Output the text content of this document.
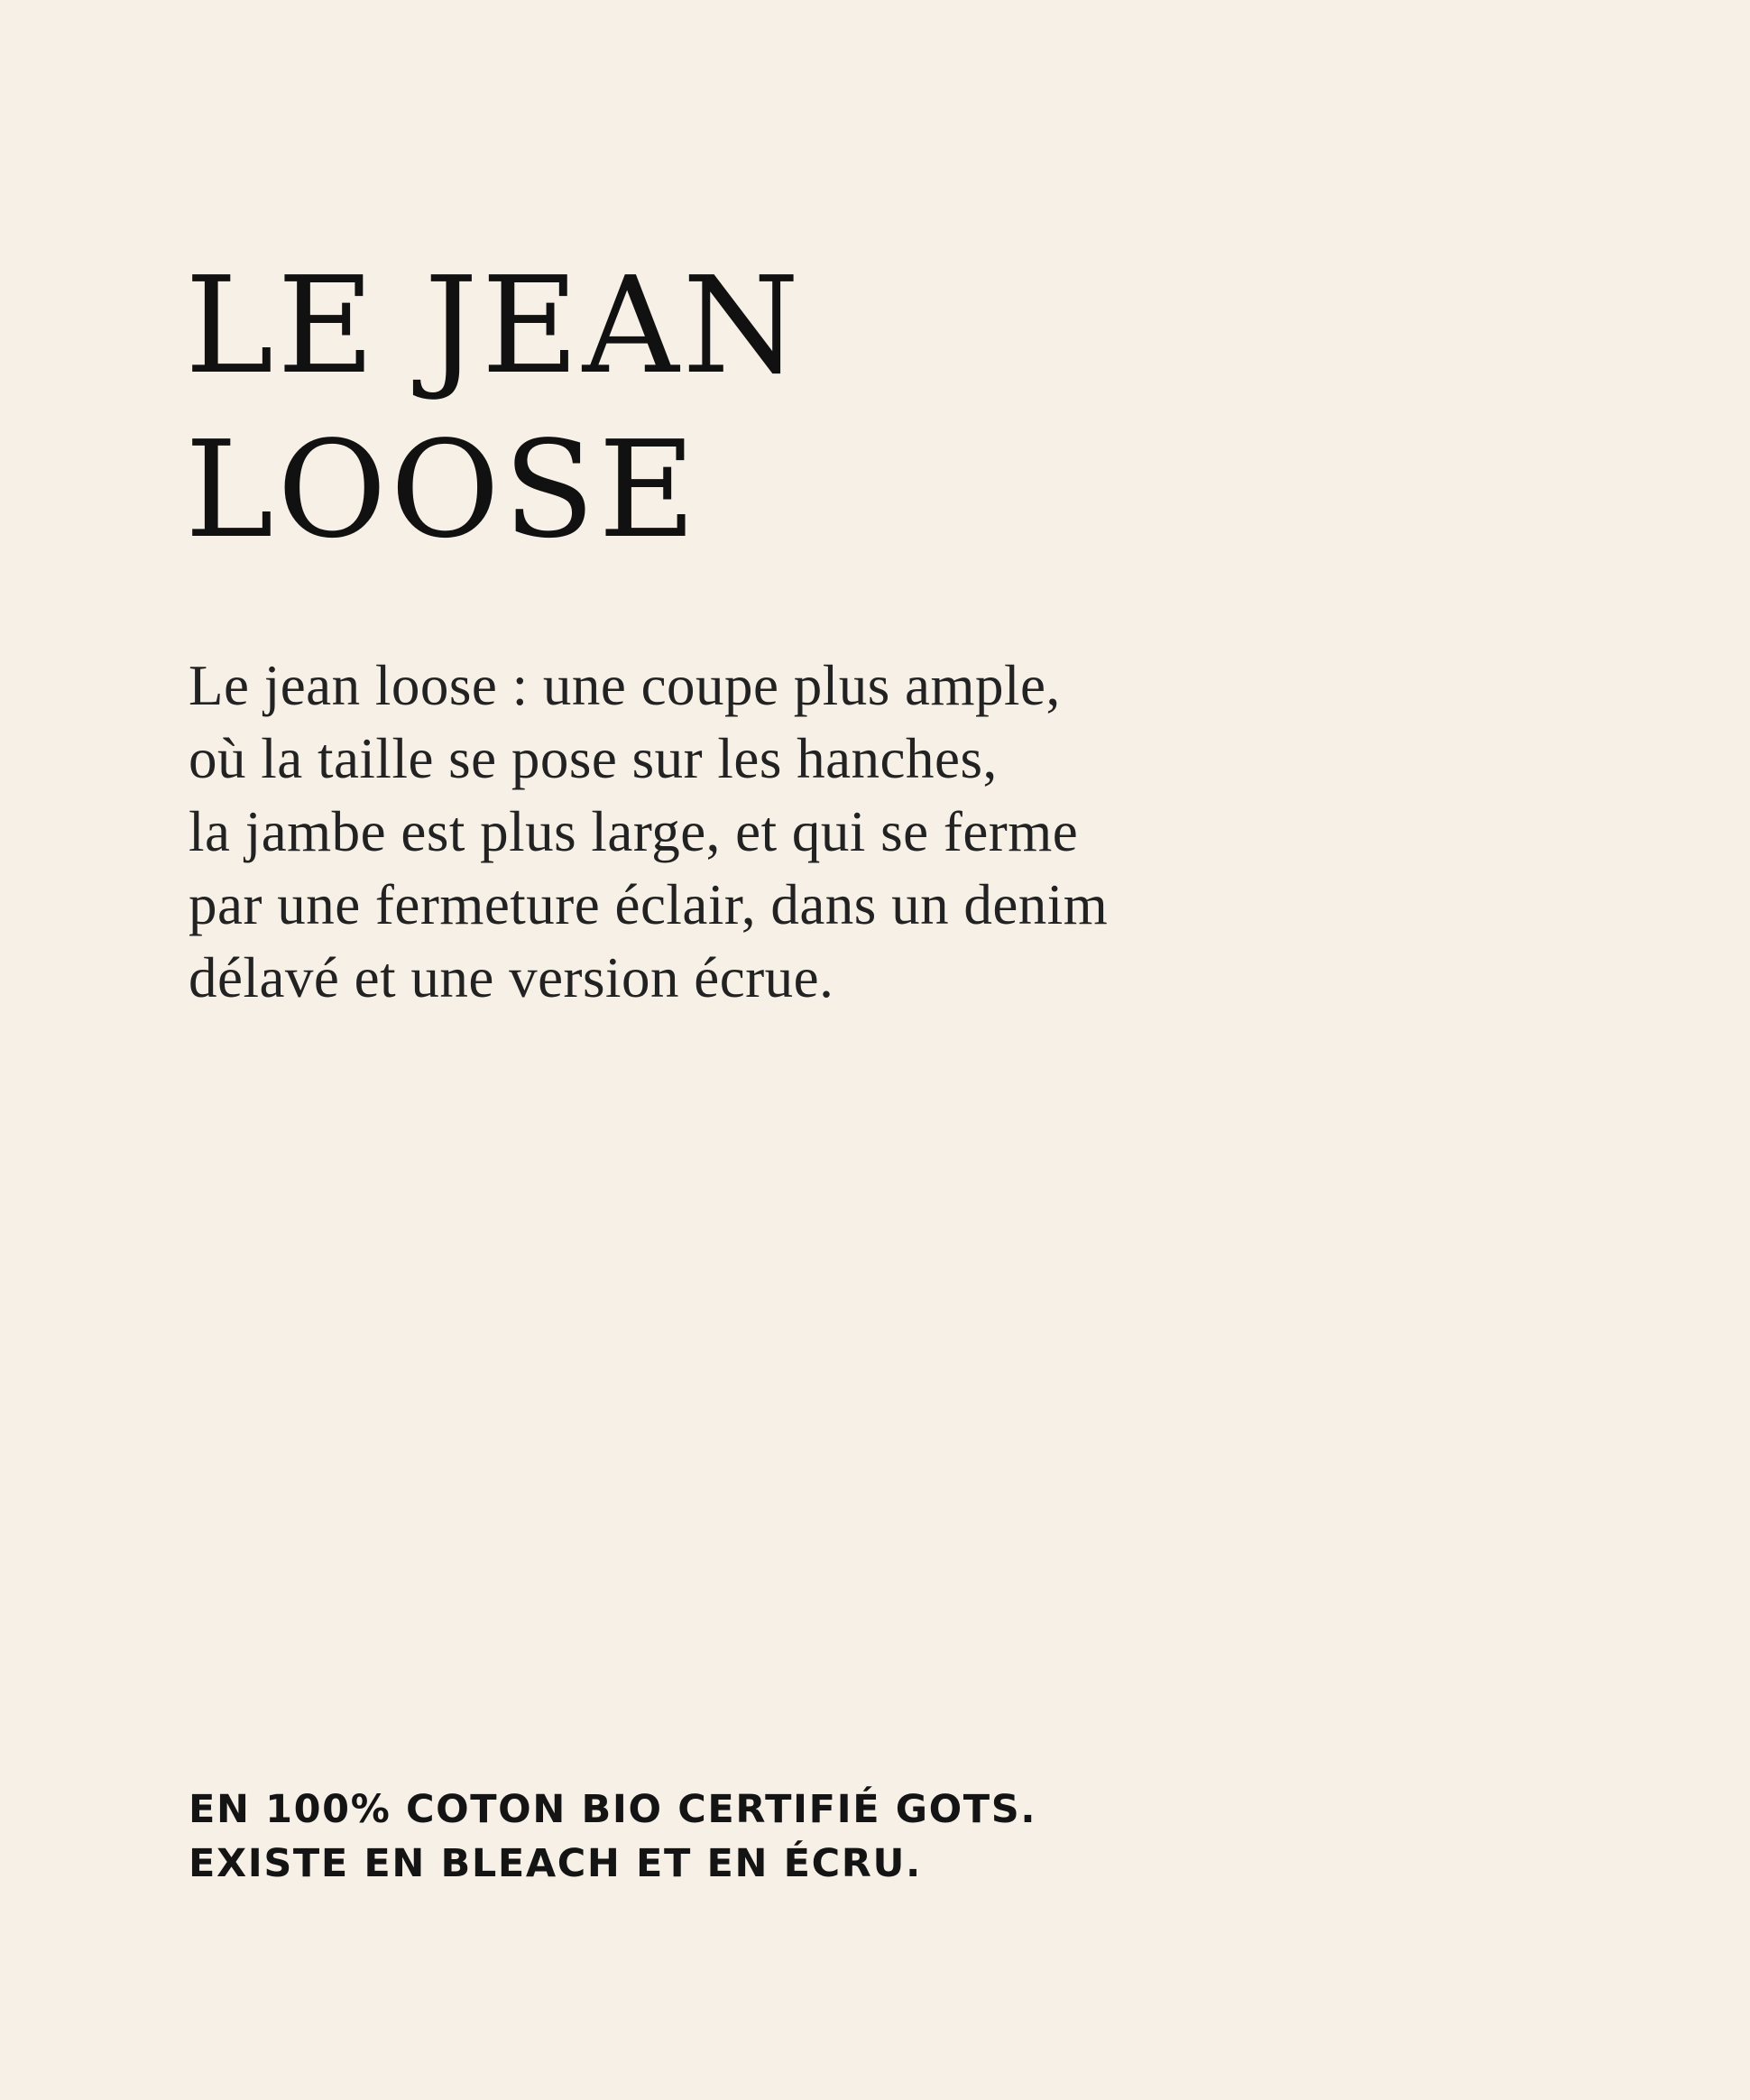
LE JEAN
LOOSE
Le jean loose : une coupe plus ample,
où la taille se pose sur les hanches,
la jambe est plus large, et qui se ferme
par une fermeture éclair, dans un denim
délavé et une version écrue.
EN 100% COTON BIO CERTIFIÉ GOTS.
EXISTE EN BLEACH ET EN ÉCRU.
